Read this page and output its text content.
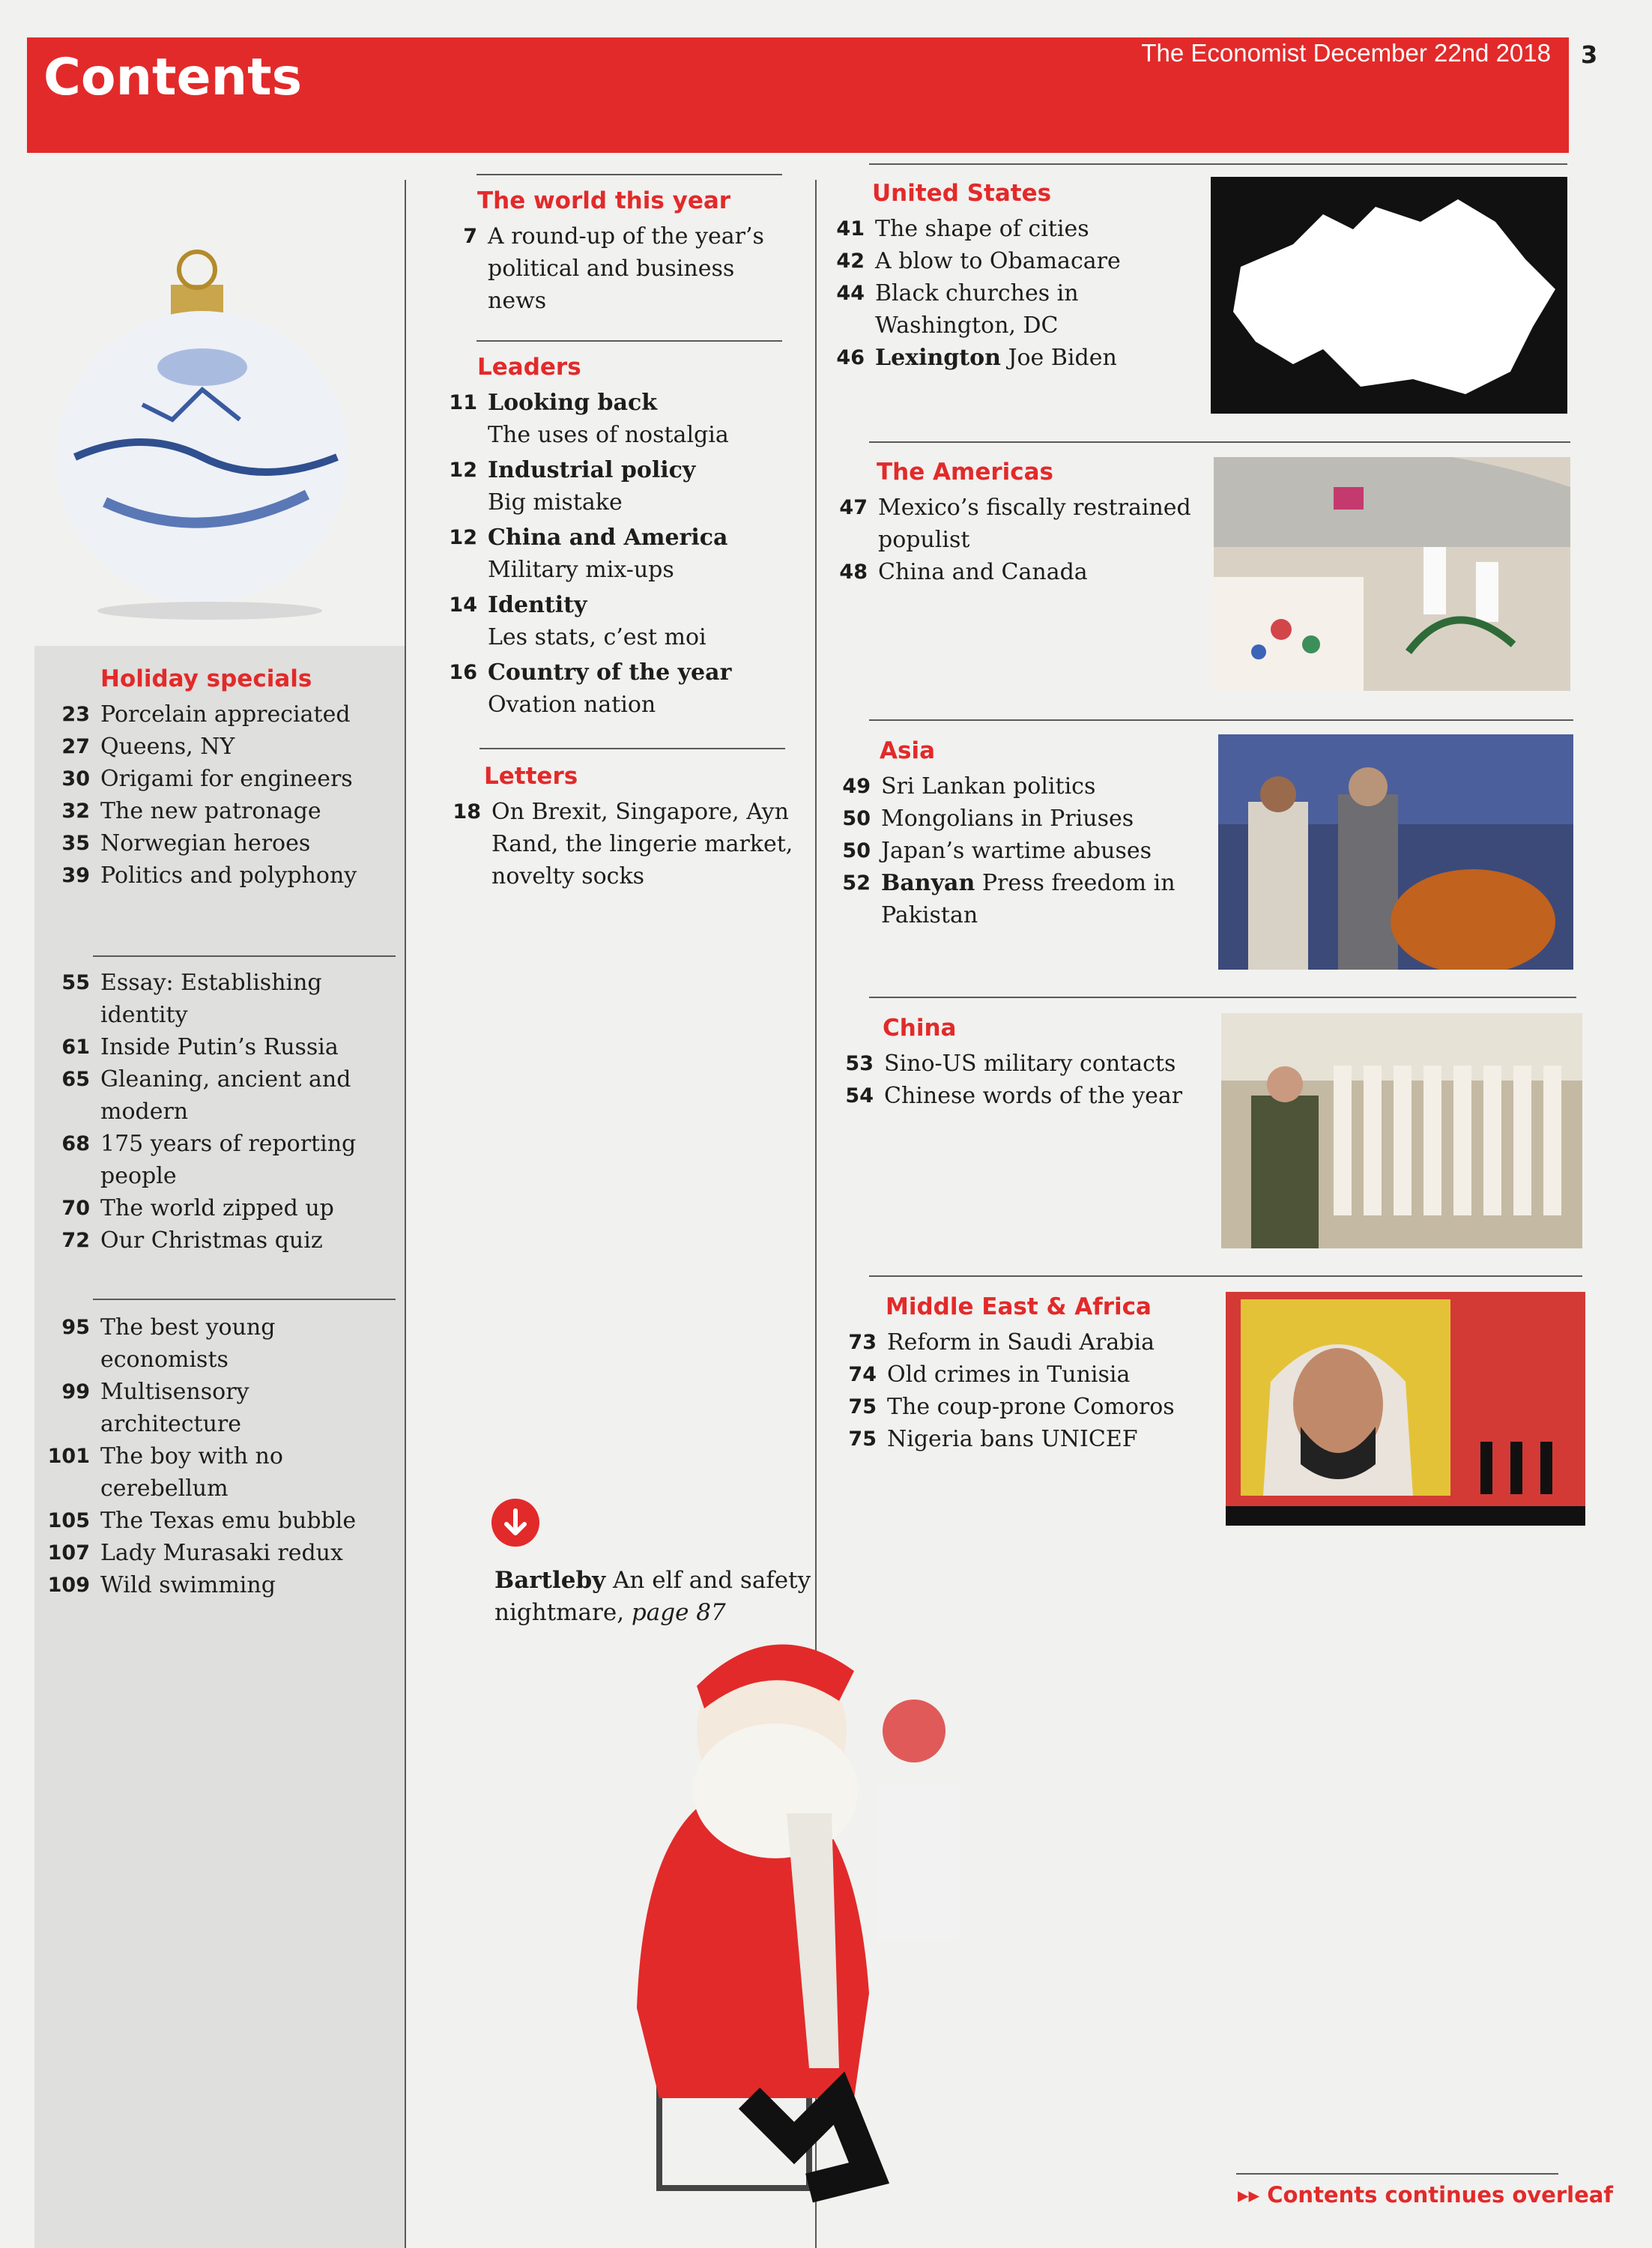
Contents	The Economist December 22nd 2018 3
Holiday specials
23 Porcelain appreciated
27 Queens, NY
30 Origami for engineers
32 The new patronage
35 Norwegian heroes
39 Politics and polyphony
55 Essay: Establishing identity
61 Inside Putin’s Russia
65 Gleaning, ancient and modern
68 175 years of reporting people
70 The world zipped up
72 Our Christmas quiz
95 The best young economists
99 Multisensory architecture
101 The boy with no cerebellum
105 The Texas emu bubble
107 Lady Murasaki redux
109 Wild swimming
The world this year
7 A round-up of the year’s political and business news
Leaders
11 Looking back
The uses of nostalgia
12 Industrial policy
Big mistake
12 China and America
Military mix-ups
14 Identity
Les stats, c’est moi
16 Country of the year
Ovation nation
Letters
18 On Brexit, Singapore, Ayn Rand, the lingerie market, novelty socks
Bartleby An elf and safety nightmare, page 87
United States
41 The shape of cities
42 A blow to Obamacare
44 Black churches in Washington, DC
46 Lexington Joe Biden
The Americas
47 Mexico’s fiscally restrained populist
48 China and Canada
Asia
49 Sri Lankan politics
50 Mongolians in Priuses
50 Japan’s wartime abuses
52 Banyan Press freedom in Pakistan
China
53 Sino-US military contacts
54 Chinese words of the year
Middle East & Africa
73 Reform in Saudi Arabia
74 Old crimes in Tunisia
75 The coup-prone Comoros
75 Nigeria bans UNICEF
▸▸ Contents continues overleaf
